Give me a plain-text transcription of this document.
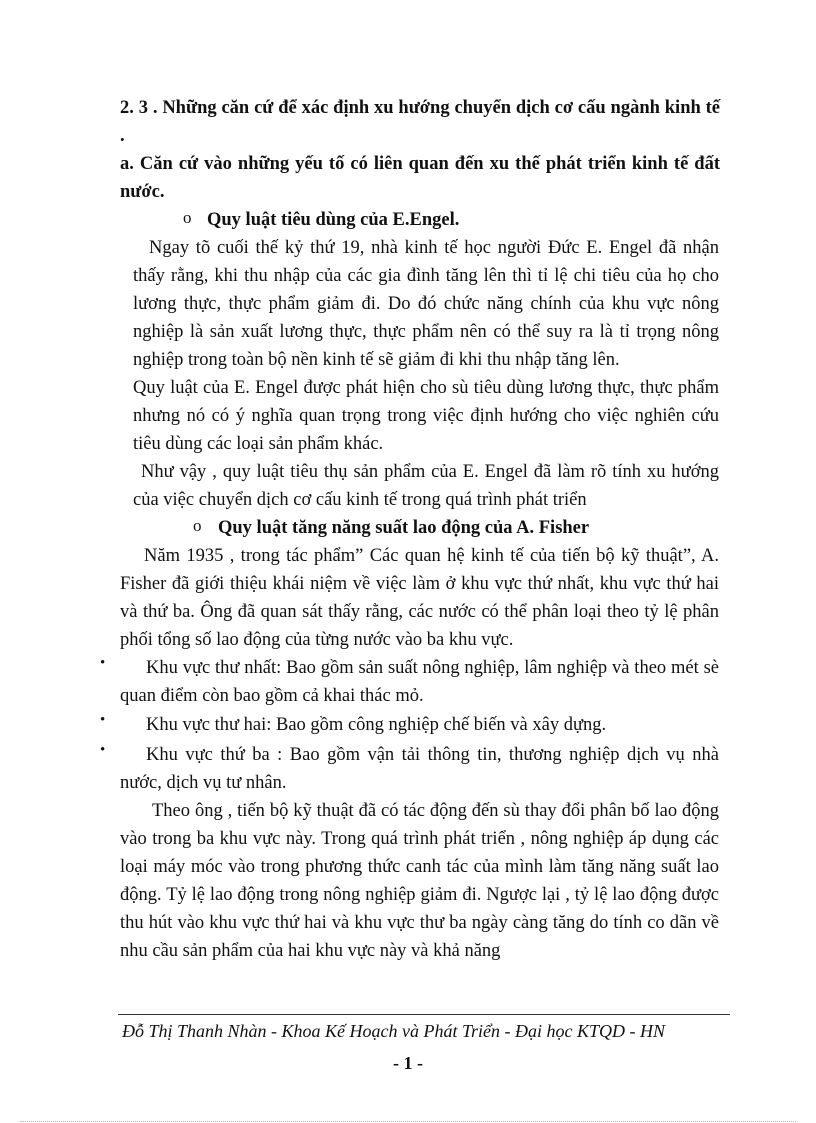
2. 3 . Những căn cứ để xác định xu hướng chuyển dịch cơ cấu ngành kinh tế .
a. Căn cứ vào những yếu tố có liên quan đến xu thế phát triển kinh tế đất nước.
o Quy luật tiêu dùng của E.Engel.
Ngay tõ cuối thế kỷ thứ 19, nhà kinh tế học người Đức E. Engel đã nhận thấy rằng, khi thu nhập của các gia đình tăng lên thì tỉ lệ chi tiêu của họ cho lương thực, thực phẩm giảm đi. Do đó chức năng chính của khu vực nông nghiệp là sản xuất lương thực, thực phẩm nên có thể suy ra là tỉ trọng nông nghiệp trong toàn bộ nền kinh tế sẽ giảm đi khi thu nhập tăng lên.
Quy luật của E. Engel được phát hiện cho sù tiêu dùng lương thực, thực phẩm nhưng nó có ý nghĩa quan trọng trong việc định hướng cho việc nghiên cứu tiêu dùng các loại sản phẩm khác.
Như vậy , quy luật tiêu thụ sản phẩm của E. Engel đã làm rõ tính xu hướng của việc chuyển dịch cơ cấu kinh tế trong quá trình phát triển
o Quy luật tăng năng suất lao động của A. Fisher
Năm 1935 , trong tác phẩm” Các quan hệ kinh tế của tiến bộ kỹ thuật”, A. Fisher đã giới thiệu khái niệm về việc làm ở khu vực thứ nhất, khu vực thứ hai và thứ ba. Ông đã quan sát thấy rằng, các nước có thể phân loại theo tỷ lệ phân phối tổng số lao động của từng nước vào ba khu vực.
•	Khu vực thư nhất: Bao gồm sản suất nông nghiệp, lâm nghiệp và theo mét sè quan điểm còn bao gồm cả khai thác mỏ.
•	Khu vực thư hai: Bao gồm công nghiệp chế biến và xây dựng.
•	Khu vực thứ ba : Bao gồm vận tải thông tin, thương nghiệp dịch vụ nhà nước, dịch vụ tư nhân.
Theo ông , tiến bộ kỹ thuật đã có tác động đến sù thay đổi phân bố lao động vào trong ba khu vực này. Trong quá trình phát triển , nông nghiệp áp dụng các loại máy móc vào trong phương thức canh tác của mình làm tăng năng suất lao động. Tỷ lệ lao động trong nông nghiệp giảm đi. Ngược lại , tỷ lệ lao động được thu hút vào khu vực thứ hai và khu vực thư ba ngày càng tăng do tính co dãn về nhu cầu sản phẩm của hai khu vực này và khả năng
Đỗ Thị Thanh Nhàn - Khoa Kế Hoạch và Phát Triển - Đại học KTQD - HN
- 1 -
